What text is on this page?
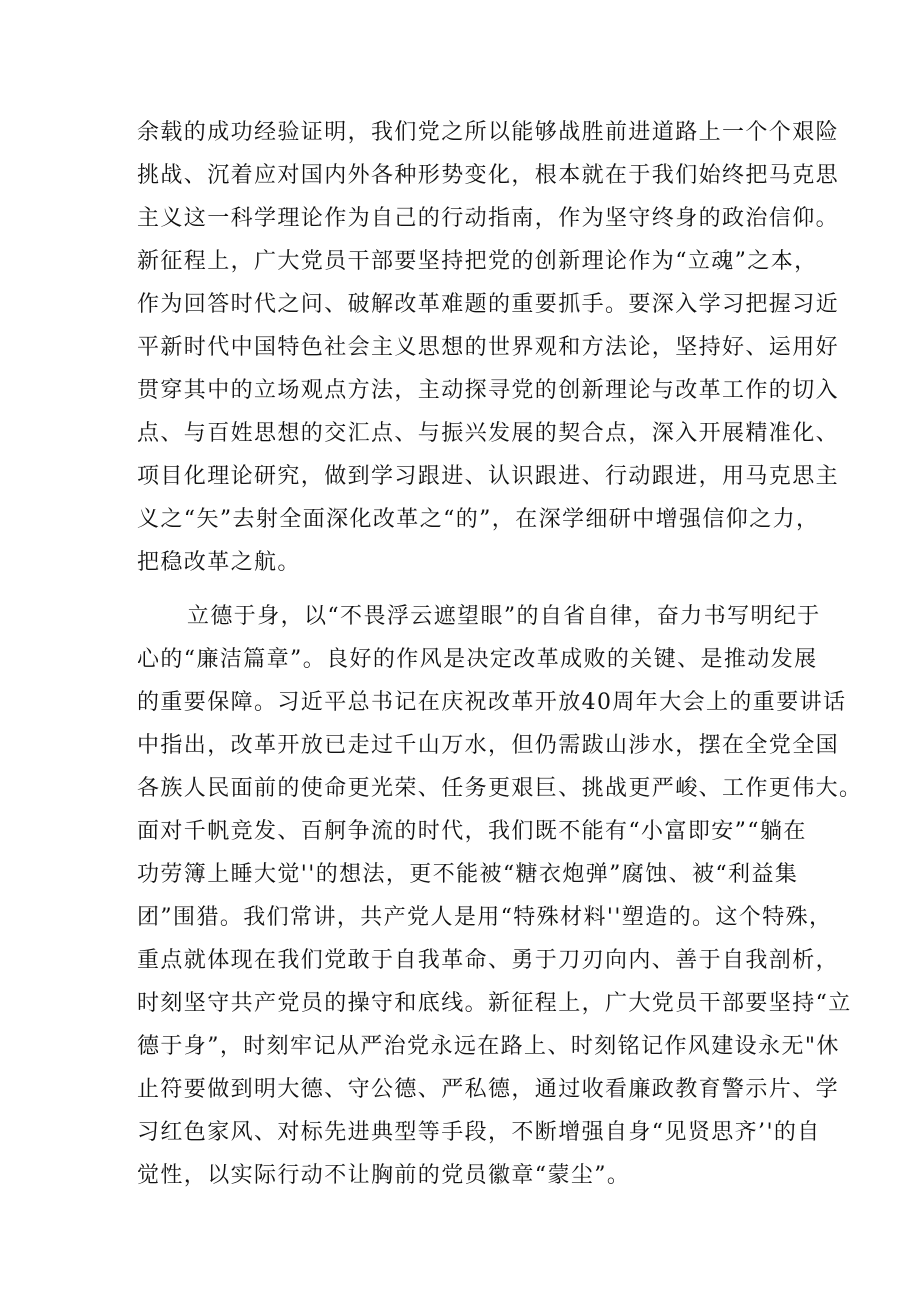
余载的成功经验证明，我们党之所以能够战胜前进道路上一个个艰险
挑战、沉着应对国内外各种形势变化，根本就在于我们始终把马克思
主义这一科学理论作为自己的行动指南，作为坚守终身的政治信仰。
新征程上，广大党员干部要坚持把党的创新理论作为“立魂”之本，
作为回答时代之问、破解改革难题的重要抓手。要深入学习把握习近
平新时代中国特色社会主义思想的世界观和方法论，坚持好、运用好
贯穿其中的立场观点方法，主动探寻党的创新理论与改革工作的切入
点、与百姓思想的交汇点、与振兴发展的契合点，深入开展精准化、
项目化理论研究，做到学习跟进、认识跟进、行动跟进，用马克思主
义之“矢”去射全面深化改革之“的”，在深学细研中增强信仰之力，
把稳改革之航。
立德于身，以“不畏浮云遮望眼”的自省自律，奋力书写明纪于
心的“廉洁篇章”。良好的作风是决定改革成败的关键、是推动发展
的重要保障。习近平总书记在庆祝改革开放40周年大会上的重要讲话
中指出，改革开放已走过千山万水，但仍需跋山涉水，摆在全党全国
各族人民面前的使命更光荣、任务更艰巨、挑战更严峻、工作更伟大。
面对千帆竞发、百舸争流的时代，我们既不能有“小富即安”“躺在
功劳簿上睡大觉''的想法，更不能被“糖衣炮弹”腐蚀、被“利益集
团”围猎。我们常讲，共产党人是用“特殊材料''塑造的。这个特殊，
重点就体现在我们党敢于自我革命、勇于刀刃向内、善于自我剖析，
时刻坚守共产党员的操守和底线。新征程上，广大党员干部要坚持“立
德于身”，时刻牢记从严治党永远在路上、时刻铭记作风建设永无"休
止符要做到明大德、守公德、严私德，通过收看廉政教育警示片、学
习红色家风、对标先进典型等手段，不断增强自身“见贤思齐’'的自
觉性，以实际行动不让胸前的党员徽章“蒙尘”。
